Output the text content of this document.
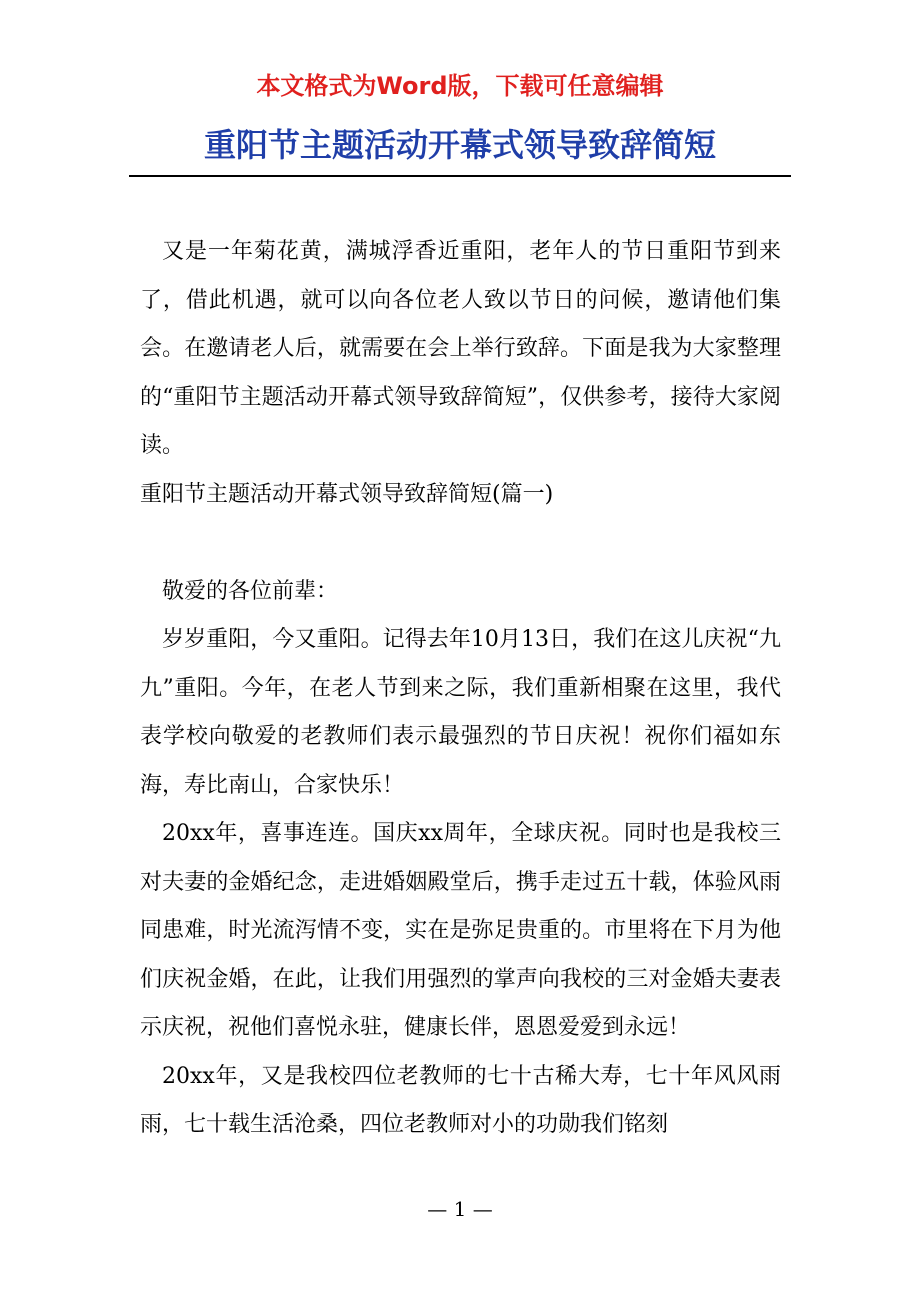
本文格式为Word版，下载可任意编辑
重阳节主题活动开幕式领导致辞简短

又是一年菊花黄，满城浮香近重阳，老年人的节日重阳节到来了，借此机遇，就可以向各位老人致以节日的问候，邀请他们集会。在邀请老人后，就需要在会上举行致辞。下面是我为大家整理的“重阳节主题活动开幕式领导致辞简短”，仅供参考，接待大家阅读。

重阳节主题活动开幕式领导致辞简短(篇一)

敬爱的各位前辈：

岁岁重阳，今又重阳。记得去年10月13日，我们在这儿庆祝“九九”重阳。今年，在老人节到来之际，我们重新相聚在这里，我代表学校向敬爱的老教师们表示最强烈的节日庆祝！祝你们福如东海，寿比南山，合家快乐！

20xx年，喜事连连。国庆xx周年，全球庆祝。同时也是我校三对夫妻的金婚纪念，走进婚姻殿堂后，携手走过五十载，体验风雨同患难，时光流泻情不变，实在是弥足贵重的。市里将在下月为他们庆祝金婚，在此，让我们用强烈的掌声向我校的三对金婚夫妻表示庆祝，祝他们喜悦永驻，健康长伴，恩恩爱爱到永远！

20xx年，又是我校四位老教师的七十古稀大寿，七十年风风雨雨，七十载生活沧桑，四位老教师对小的功勋我们铭刻

— 1 —
